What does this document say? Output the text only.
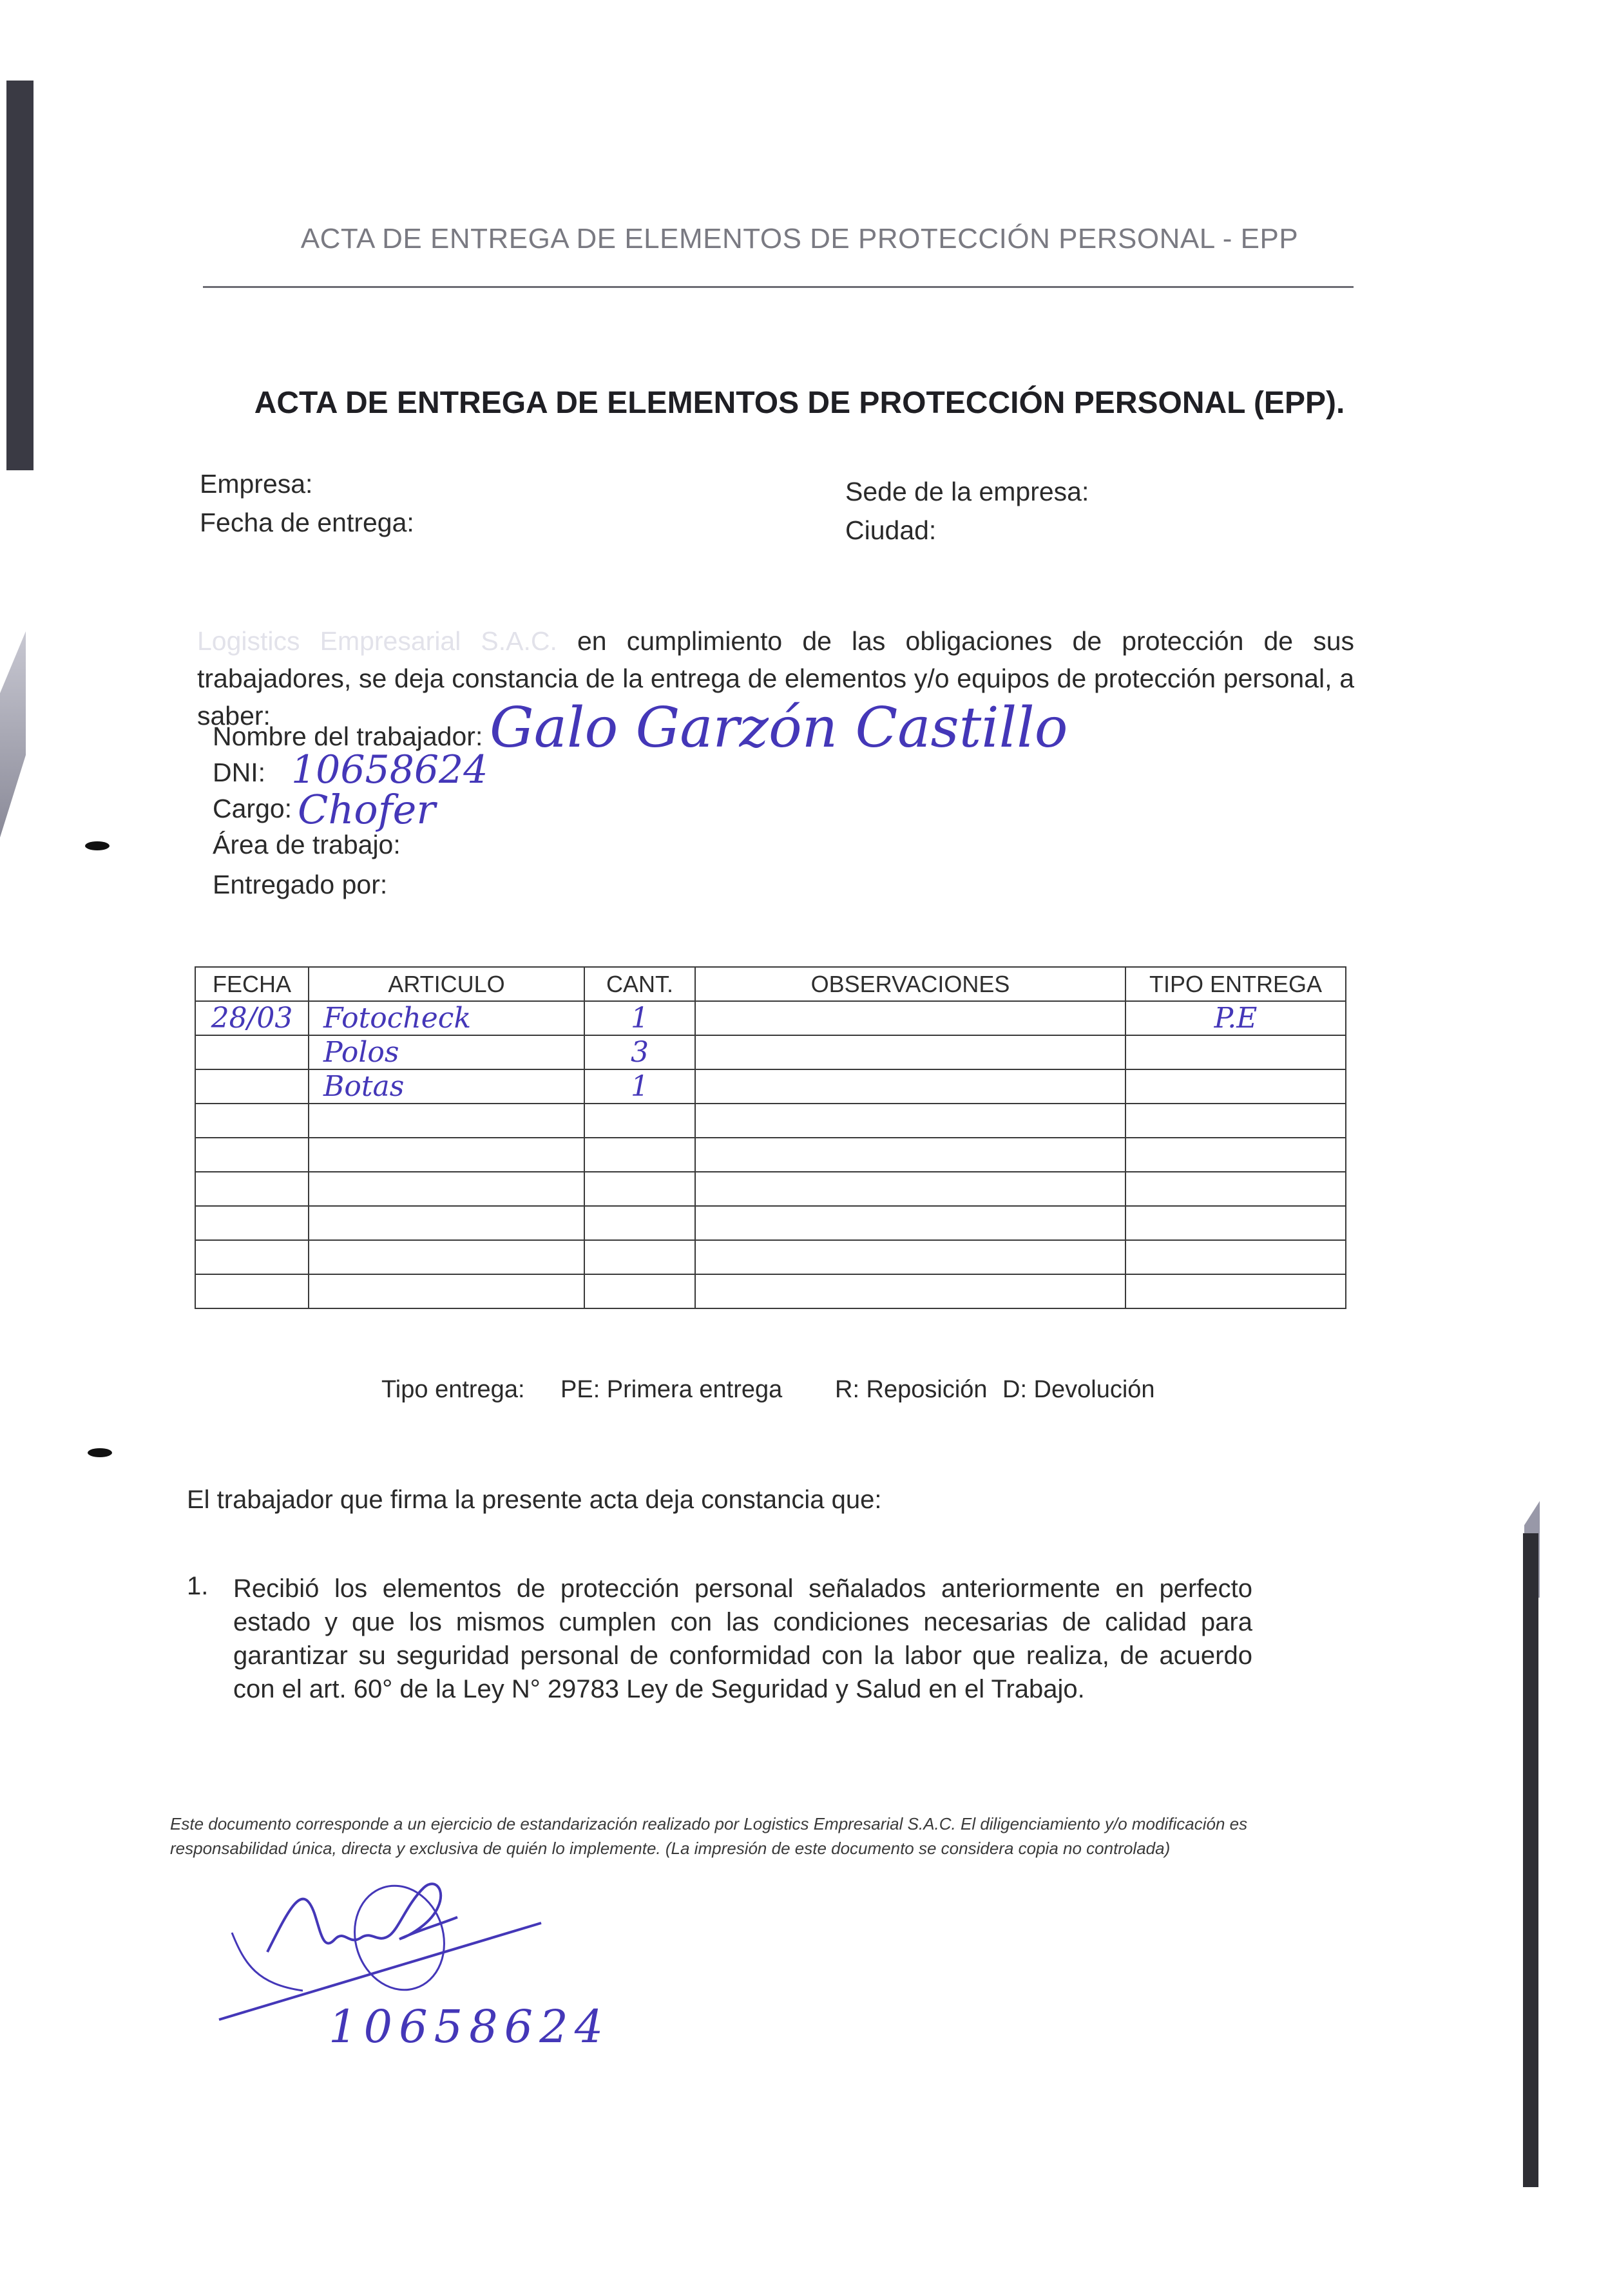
ACTA DE ENTREGA DE ELEMENTOS DE PROTECCIÓN PERSONAL - EPP
ACTA DE ENTREGA DE ELEMENTOS DE PROTECCIÓN PERSONAL (EPP).
Empresa:
Fecha de entrega:
Sede de la empresa:
Ciudad:
Logistics Empresarial S.A.C. en cumplimiento de las obligaciones de protección de sus trabajadores, se deja constancia de la entrega de elementos y/o equipos de protección personal, a saber:
Nombre del trabajador: Galo Garzón Castillo
DNI: 10658624
Cargo: Chofer
Área de trabajo:
Entregado por:
FECHA	ARTICULO	CANT.	OBSERVACIONES	TIPO ENTREGA
28/03	Fotocheck	1		P.E
	Polos	3		
	Botas	1		

Tipo entrega: PE: Primera entrega R: Reposición D: Devolución
El trabajador que firma la presente acta deja constancia que:
1. Recibió los elementos de protección personal señalados anteriormente en perfecto estado y que los mismos cumplen con las condiciones necesarias de calidad para garantizar su seguridad personal de conformidad con la labor que realiza, de acuerdo con el art. 60° de la Ley N° 29783 Ley de Seguridad y Salud en el Trabajo.
Este documento corresponde a un ejercicio de estandarización realizado por Logistics Empresarial S.A.C. El diligenciamiento y/o modificación es responsabilidad única, directa y exclusiva de quién lo implemente. (La impresión de este documento se considera copia no controlada)
10658624
